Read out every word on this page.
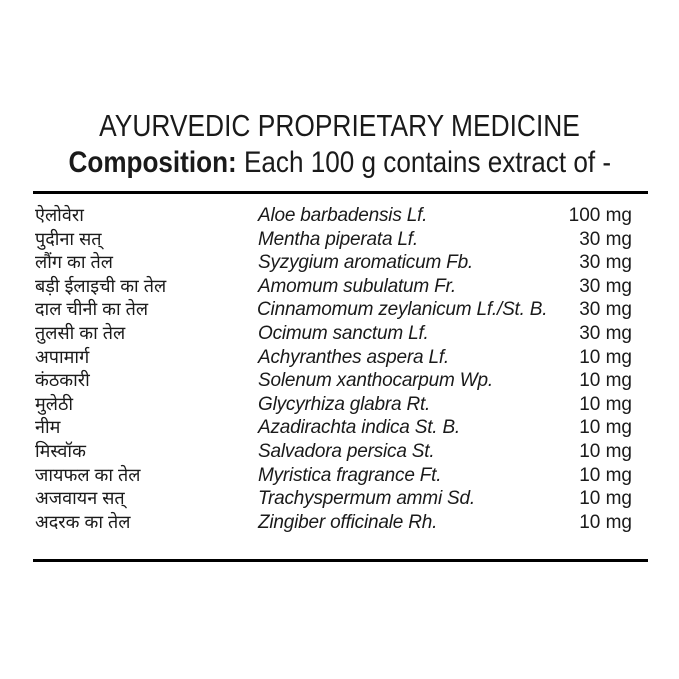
AYURVEDIC PROPRIETARY MEDICINE
Composition: Each 100 g contains extract of -
ऐलोवेरा	Aloe barbadensis Lf.	100 mg
पुदीना सत्	Mentha piperata Lf.	30 mg
लौंग का तेल	Syzygium aromaticum Fb.	30 mg
बड़ी ईलाइची का तेल	Amomum subulatum Fr.	30 mg
दाल चीनी का तेल	Cinnamomum zeylanicum Lf./St. B.	30 mg
तुलसी का तेल	Ocimum sanctum Lf.	30 mg
अपामार्ग	Achyranthes aspera Lf.	10 mg
कंठकारी	Solenum xanthocarpum Wp.	10 mg
मुलेठी	Glycyrhiza glabra Rt.	10 mg
नीम	Azadirachta indica St. B.	10 mg
मिस्वॉक	Salvadora persica St.	10 mg
जायफल का तेल	Myristica fragrance Ft.	10 mg
अजवायन सत्	Trachyspermum ammi Sd.	10 mg
अदरक का तेल	Zingiber officinale Rh.	10 mg
